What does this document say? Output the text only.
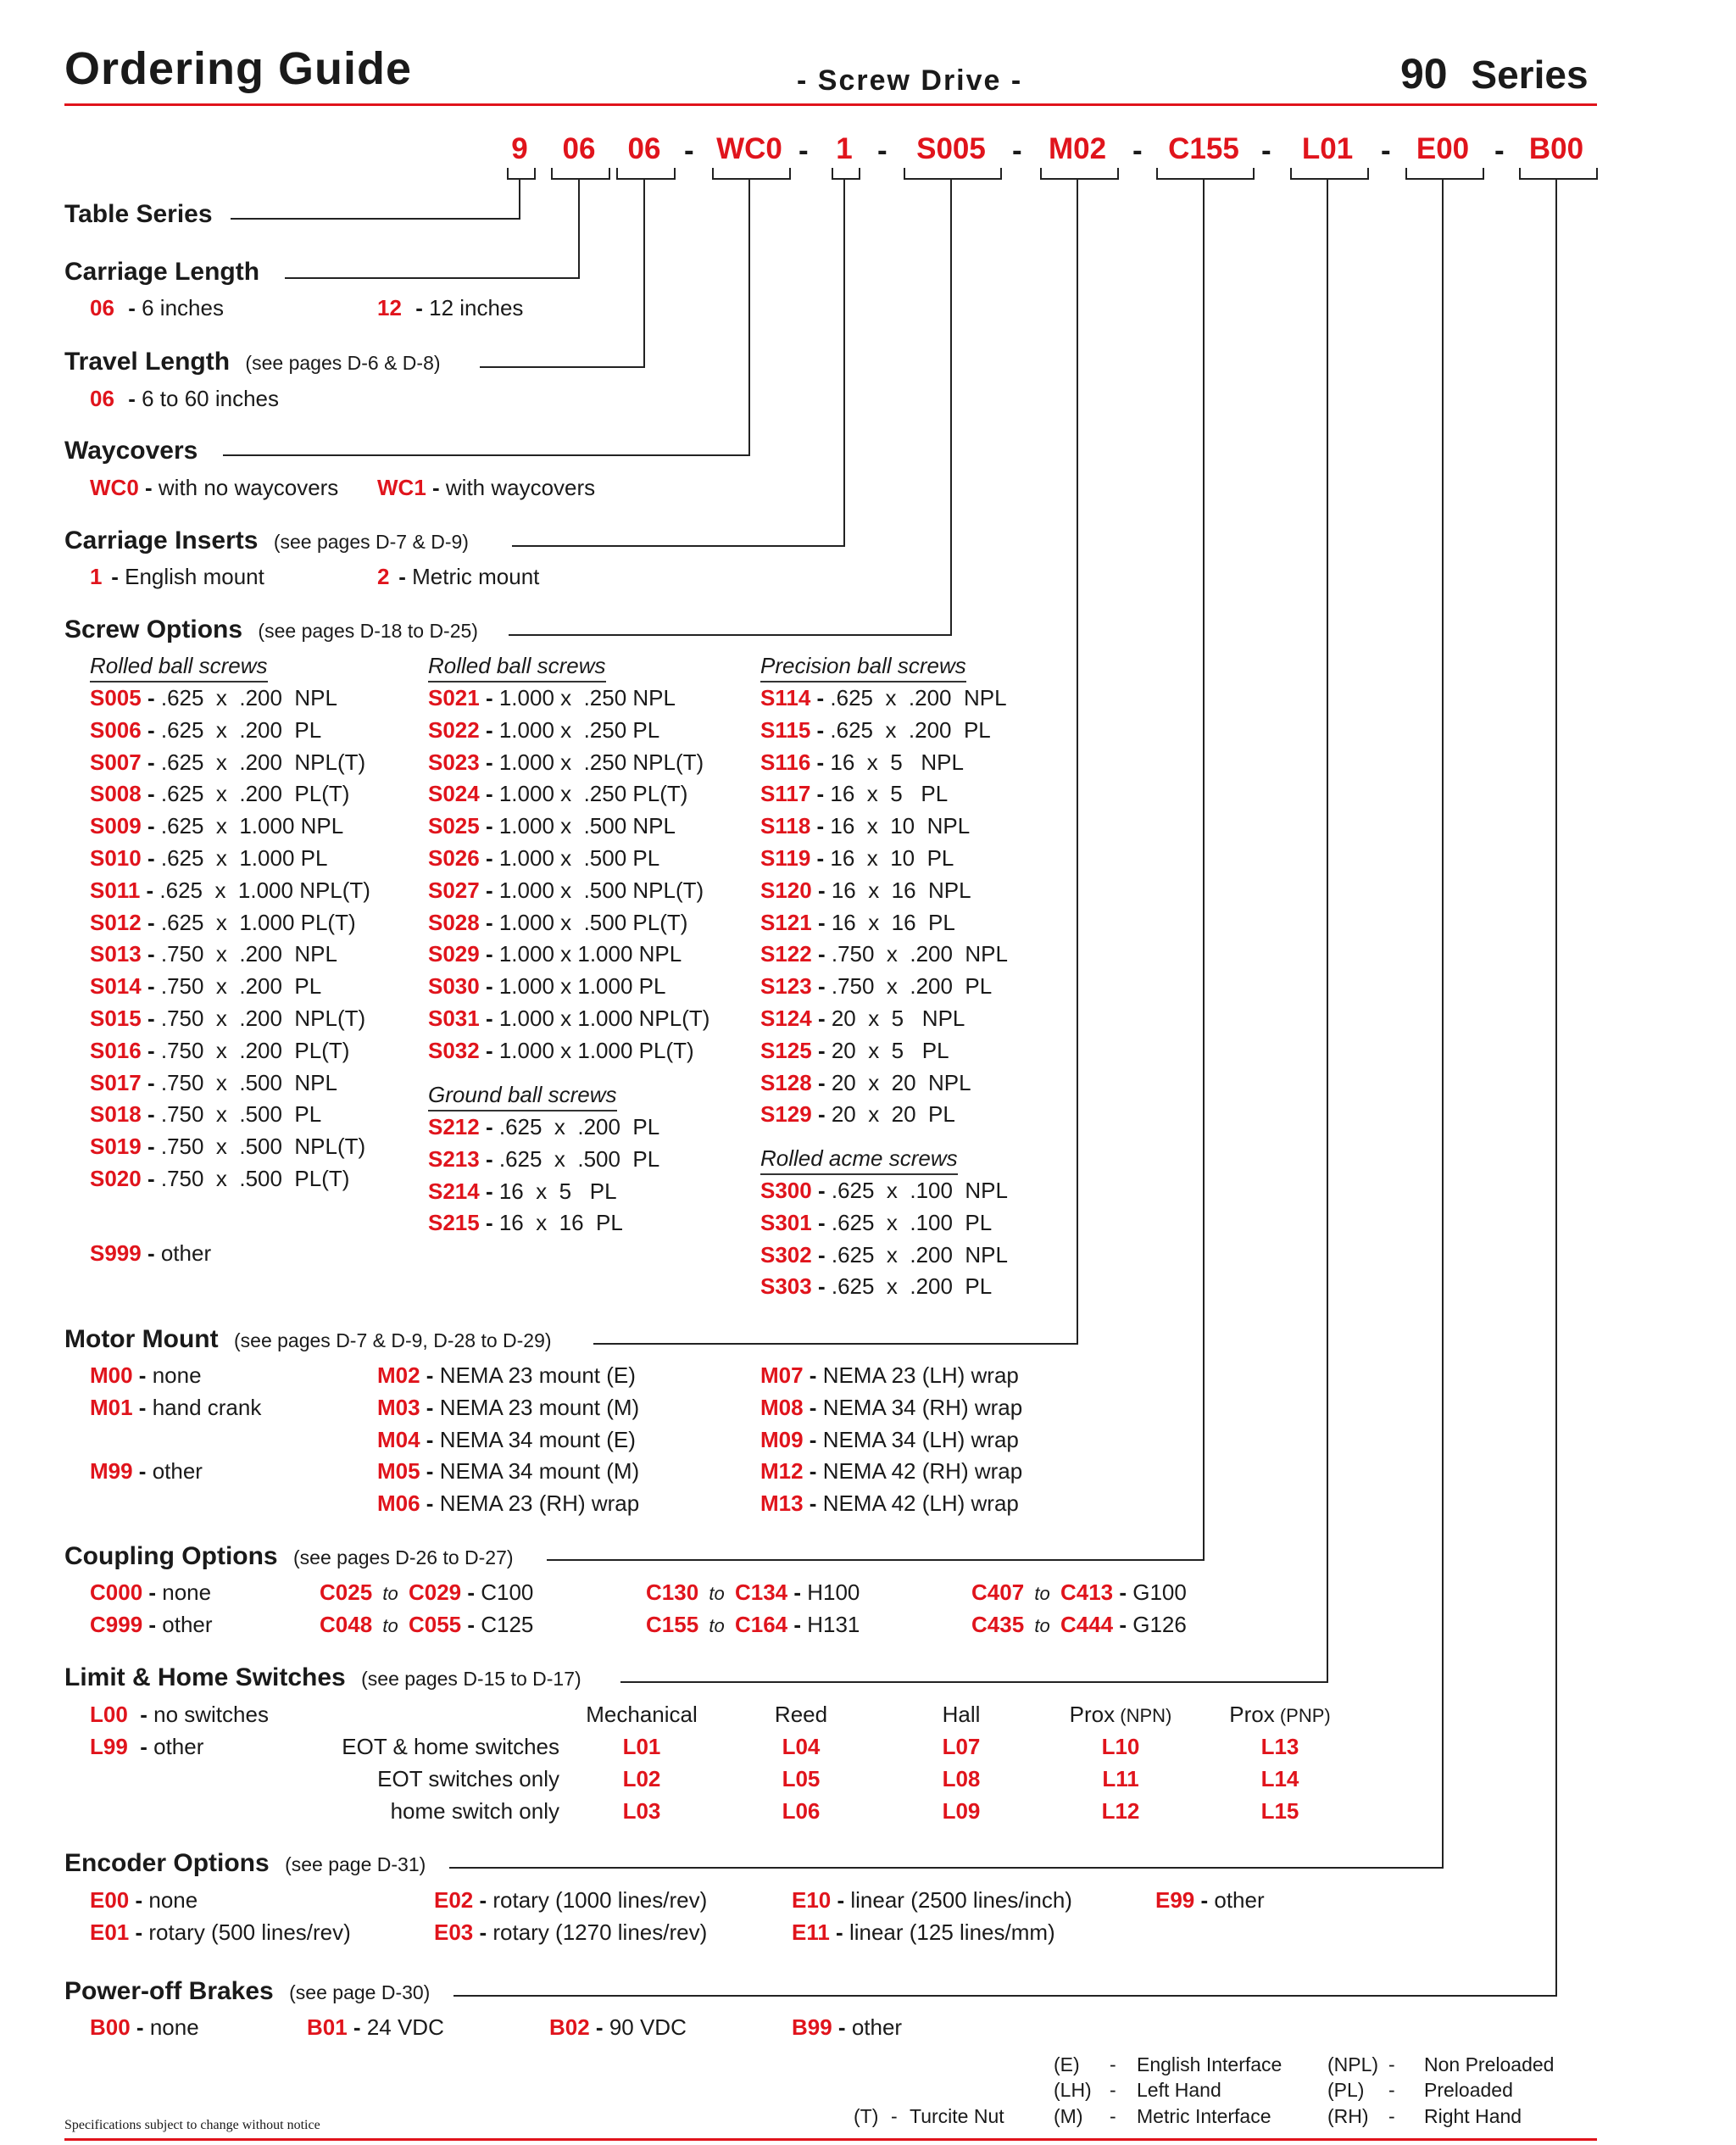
Ordering Guide	- Screw Drive -	90 Series
9	06	06	WC0	1	S005	M02	C155	L01	E00	B00
-	- -	-	-	-	-	-
Table Series
Carriage Length
06 - 6 inches	12 - 12 inches
Travel Length (see pages D-6 & D-8)
06 - 6 to 60 inches
Waycovers
WC0 - with no waycovers WC1 - with waycovers
Carriage Inserts (see pages D-7 & D-9)
1 - English mount	2 - Metric mount
Screw Options (see pages D-18 to D-25)
Rolled ball screws
S005 - .625  x  .200  NPL
S006 - .625  x  .200  PL
S007 - .625  x  .200  NPL(T)
S008 - .625  x  .200  PL(T)
S009 - .625  x  1.000 NPL
S010 - .625  x  1.000 PL
S011 - .625  x  1.000 NPL(T)
S012 - .625  x  1.000 PL(T)
S013 - .750  x  .200  NPL
S014 - .750  x  .200  PL
S015 - .750  x  .200  NPL(T)
S016 - .750  x  .200  PL(T)
S017 - .750  x  .500  NPL
S018 - .750  x  .500  PL
S019 - .750  x  .500  NPL(T)
S020 - .750  x  .500  PL(T)
S999 - other
Rolled ball screws
S021 - 1.000 x  .250 NPL
S022 - 1.000 x  .250 PL
S023 - 1.000 x  .250 NPL(T)
S024 - 1.000 x  .250 PL(T)
S025 - 1.000 x  .500 NPL
S026 - 1.000 x  .500 PL
S027 - 1.000 x  .500 NPL(T)
S028 - 1.000 x  .500 PL(T)
S029 - 1.000 x 1.000 NPL
S030 - 1.000 x 1.000 PL
S031 - 1.000 x 1.000 NPL(T)
S032 - 1.000 x 1.000 PL(T)
Ground ball screws
S212 - .625  x  .200  PL
S213 - .625  x  .500  PL
S214 - 16  x  5   PL
S215 - 16  x  16  PL
Precision ball screws
S114 - .625  x  .200  NPL
S115 - .625  x  .200  PL
S116 - 16  x  5   NPL
S117 - 16  x  5   PL
S118 - 16  x  10  NPL
S119 - 16  x  10  PL
S120 - 16  x  16  NPL
S121 - 16  x  16  PL
S122 - .750  x  .200  NPL
S123 - .750  x  .200  PL
S124 - 20  x  5   NPL
S125 - 20  x  5   PL
S128 - 20  x  20  NPL
S129 - 20  x  20  PL
Rolled acme screws
S300 - .625  x  .100  NPL
S301 - .625  x  .100  PL
S302 - .625  x  .200  NPL
S303 - .625  x  .200  PL
Motor Mount (see pages D-7 & D-9, D-28 to D-29)
M00 - none
M01 - hand crank
M99 - other
M02 - NEMA 23 mount (E)
M03 - NEMA 23 mount (M)
M04 - NEMA 34 mount (E)
M05 - NEMA 34 mount (M)
M06 - NEMA 23 (RH) wrap
M07 - NEMA 23 (LH) wrap
M08 - NEMA 34 (RH) wrap
M09 - NEMA 34 (LH) wrap
M12 - NEMA 42 (RH) wrap
M13 - NEMA 42 (LH) wrap
Coupling Options (see pages D-26 to D-27)
C000 - none
C999 - other
C025  to  C029 - C100
C048  to  C055 - C125
C130  to  C134 - H100
C155  to  C164 - H131
C407  to  C413 - G100
C435  to  C444 - G126
Limit & Home Switches (see pages D-15 to D-17)
L00 - no switches
L99 - other
Mechanical	Reed	Hall	Prox (NPN)	Prox (PNP)
EOT & home switches	L01	L04	L07	L10	L13
EOT switches only	L02	L05	L08	L11	L14
home switch only	L03	L06	L09	L12	L15
Encoder Options (see page D-31)
E00 - none
E01 - rotary (500 lines/rev)
E02 - rotary (1000 lines/rev)
E03 - rotary (1270 lines/rev)
E10 - linear (2500 lines/inch)
E11 - linear (125 lines/mm)
E99 - other
Power-off Brakes (see page D-30)
B00 - none	B01 - 24 VDC	B02 - 90 VDC	B99 - other
(T) - Turcite Nut
(E) - English Interface
(LH) - Left Hand
(M) - Metric Interface
(NPL) - Non Preloaded
(PL) - Preloaded
(RH) - Right Hand
Specifications subject to change without notice
